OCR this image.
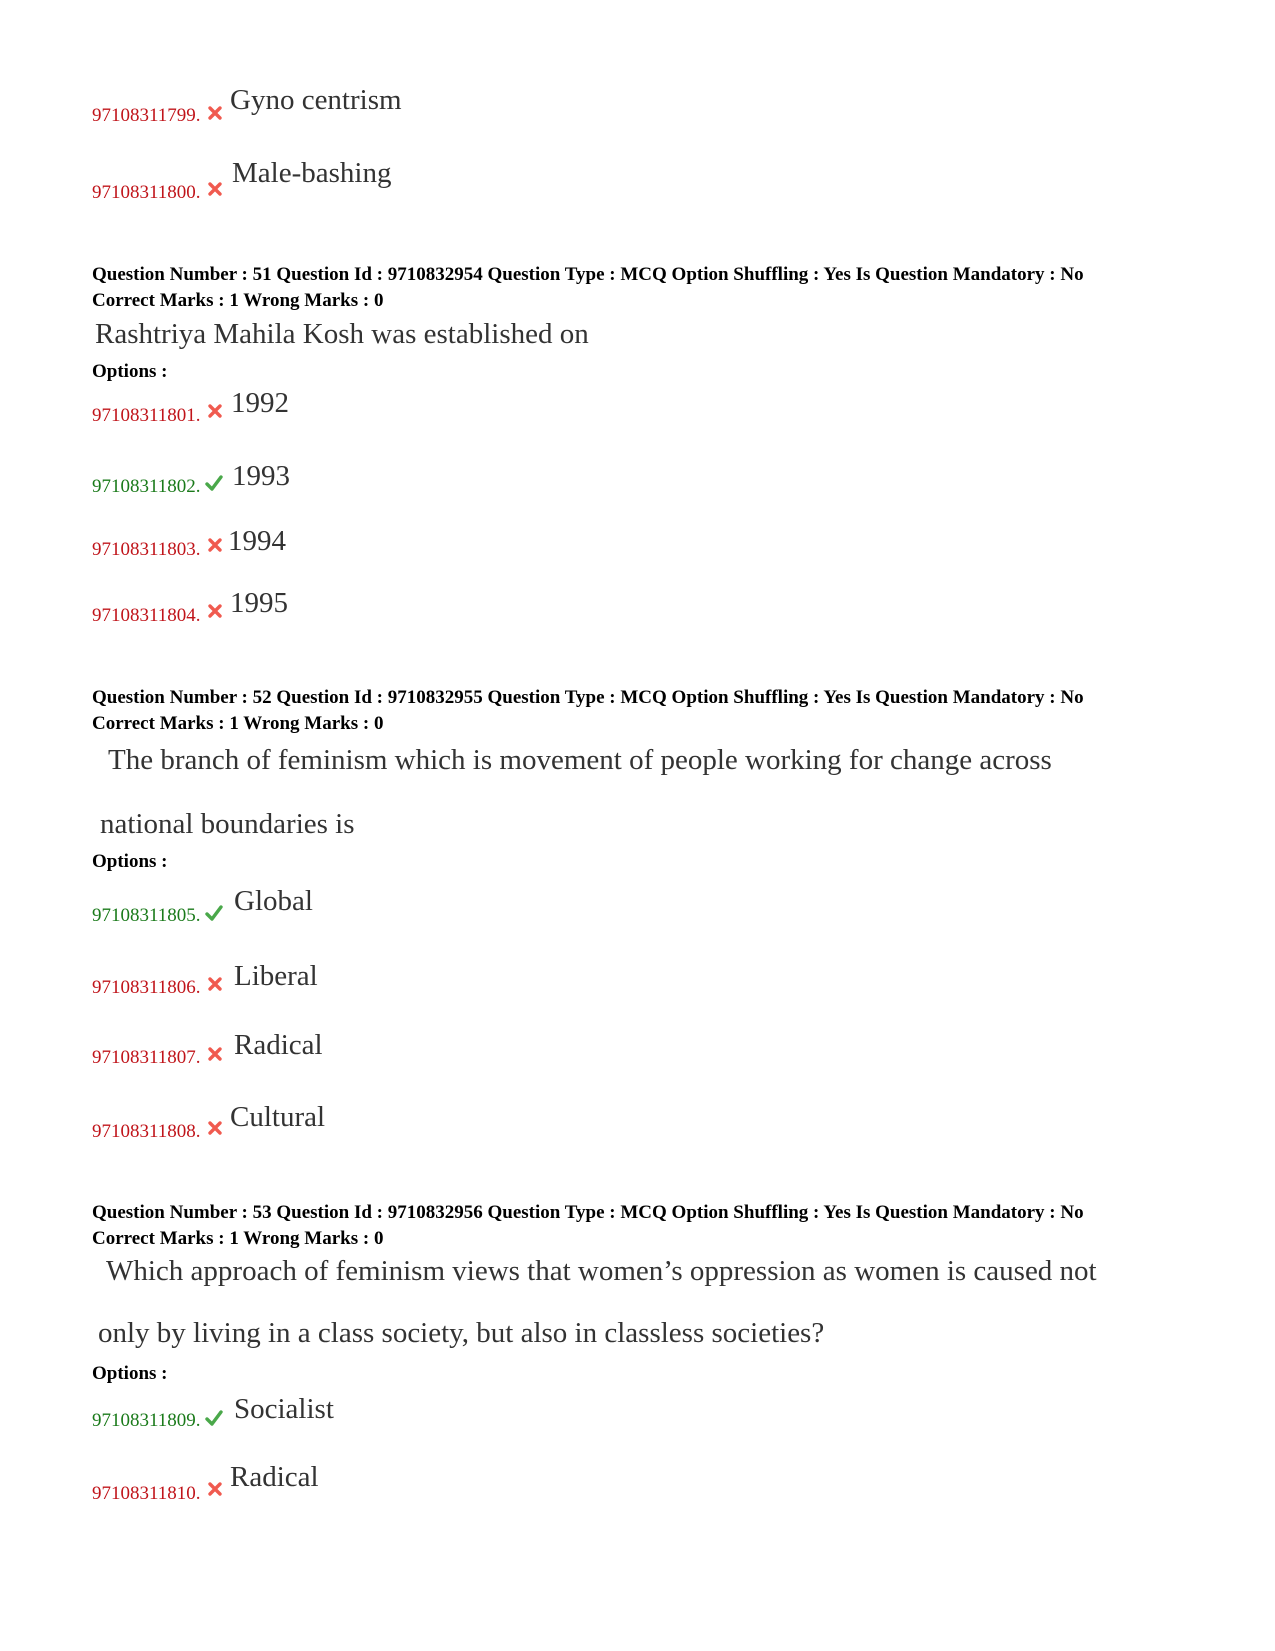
97108311799. Gyno centrism
97108311800.
Male-bashing
Question Number : 51 Question Id : 9710832954 Question Type : MCQ Option Shuffling : Yes Is Question Mandatory : No
Correct Marks : 1 Wrong Marks : 0
Rashtriya Mahila Kosh was established on
Options :
97108311801. 1992
97108311802. 1993
97108311803. 1994
97108311804. 1995
Question Number : 52 Question Id : 9710832955 Question Type : MCQ Option Shuffling : Yes Is Question Mandatory : No
Correct Marks : 1 Wrong Marks : 0
The branch of feminism which is movement of people working for change across
national boundaries is
Options :
97108311805. Global
97108311806. Liberal
97108311807. Radical
97108311808. Cultural
Question Number : 53 Question Id : 9710832956 Question Type : MCQ Option Shuffling : Yes Is Question Mandatory : No
Correct Marks : 1 Wrong Marks : 0
Which approach of feminism views that women’s oppression as women is caused not
only by living in a class society, but also in classless societies?
Options :
97108311809. Socialist
97108311810.
Radical
